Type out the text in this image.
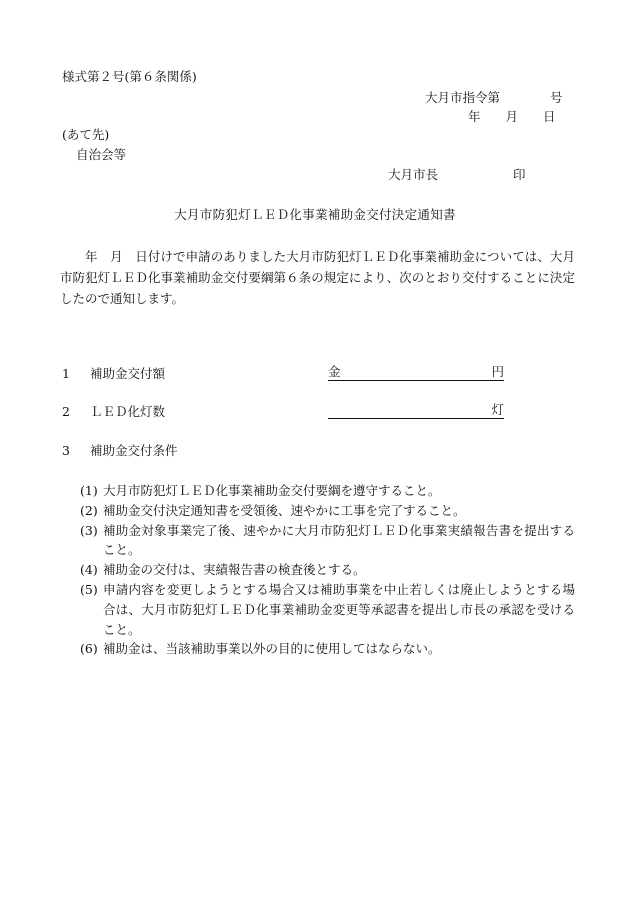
様式第２号(第６条関係)
大月市指令第　　　　号
年　　月　　日
(あて先)
自治会等
大月市長　　　　　　印
大月市防犯灯ＬＥＤ化事業補助金交付決定通知書

年　月　日付けで申請のありました大月市防犯灯ＬＥＤ化事業補助金については、大月市防犯灯ＬＥＤ化事業補助金交付要綱第６条の規定により、次のとおり交付することに決定したので通知します。

1 補助金交付額	金	円
2 ＬＥＤ化灯数	灯
3 補助金交付条件
(1) 大月市防犯灯ＬＥＤ化事業補助金交付要綱を遵守すること。
(2) 補助金交付決定通知書を受領後、速やかに工事を完了すること。
(3) 補助金対象事業完了後、速やかに大月市防犯灯ＬＥＤ化事業実績報告書を提出すること。
(4) 補助金の交付は、実績報告書の検査後とする。
(5) 申請内容を変更しようとする場合又は補助事業を中止若しくは廃止しようとする場合は、大月市防犯灯ＬＥＤ化事業補助金変更等承認書を提出し市長の承認を受けること。
(6) 補助金は、当該補助事業以外の目的に使用してはならない。
